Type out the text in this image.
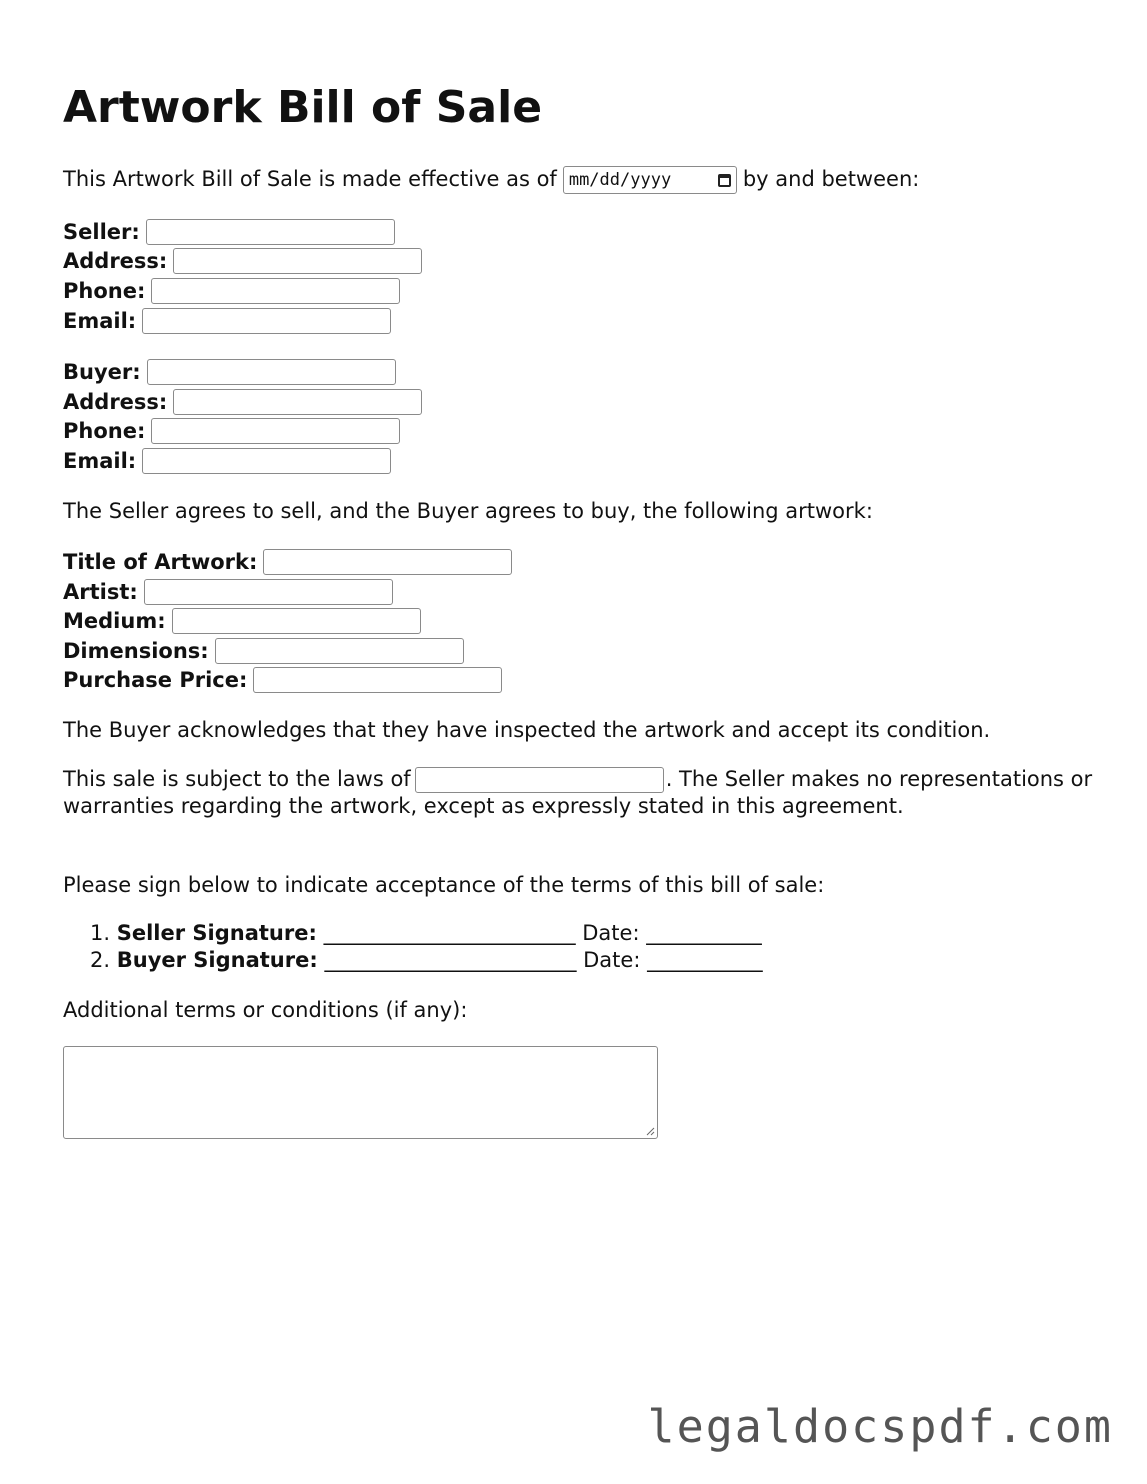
Artwork Bill of Sale
This Artwork Bill of Sale is made effective as of mm/dd/yyyy	by and between:
Seller:
Address:
Phone:
Email:
Buyer:
Address:
Phone:
Email:
The Seller agrees to sell, and the Buyer agrees to buy, the following artwork:
Title of Artwork:
Artist:
Medium:
Dimensions:
Purchase Price:
The Buyer acknowledges that they have inspected the artwork and accept its condition.
This sale is subject to the laws of	. The Seller makes no representations or warranties regarding the artwork, except as expressly stated in this agreement.
Please sign below to indicate acceptance of the terms of this bill of sale:
1. Seller Signature: ________________________ Date: ___________
2. Buyer Signature: ________________________ Date: ___________
Additional terms or conditions (if any):
legaldocspdf.com
